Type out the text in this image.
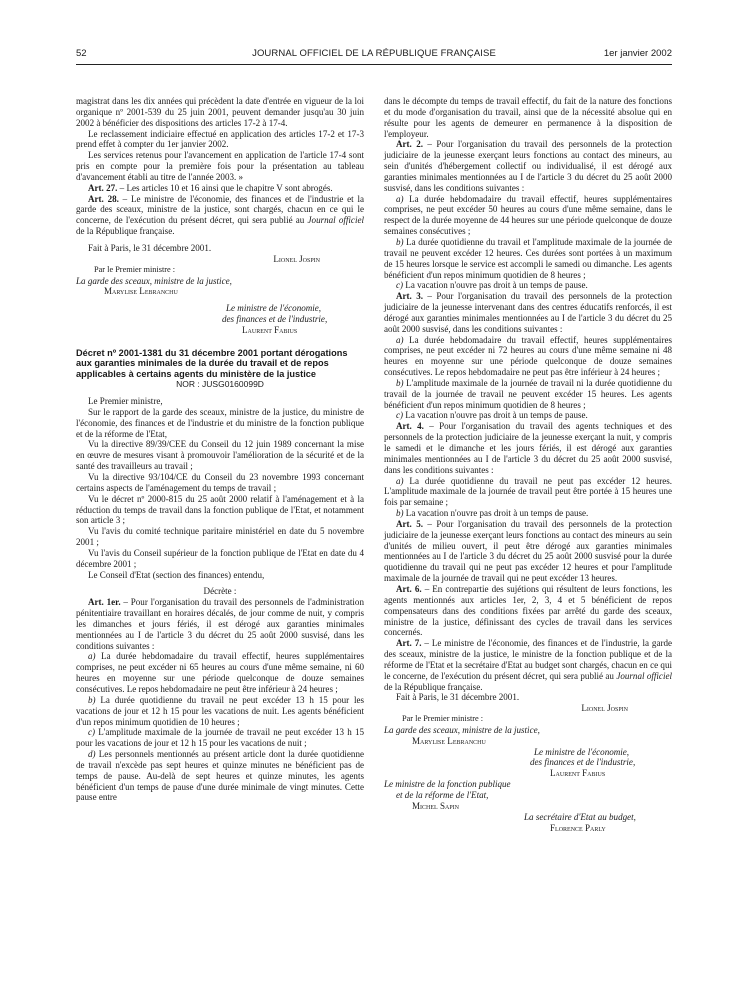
52	JOURNAL OFFICIEL DE LA RÉPUBLIQUE FRANÇAISE	1er janvier 2002

magistrat dans les dix années qui précèdent la date d'entrée en vigueur de la loi organique nº 2001-539 du 25 juin 2001, peuvent demander jusqu'au 30 juin 2002 à bénéficier des dispositions des articles 17-2 à 17-4.

Le reclassement indiciaire effectué en application des articles 17-2 et 17-3 prend effet à compter du 1er janvier 2002.

Les services retenus pour l'avancement en application de l'article 17-4 sont pris en compte pour la première fois pour la présentation au tableau d'avancement établi au titre de l'année 2003. »

Art. 27. – Les articles 10 et 16 ainsi que le chapitre V sont abrogés.

Art. 28. – Le ministre de l'économie, des finances et de l'industrie et la garde des sceaux, ministre de la justice, sont chargés, chacun en ce qui le concerne, de l'exécution du présent décret, qui sera publié au Journal officiel de la République française.

Fait à Paris, le 31 décembre 2001.

Lionel Jospin

Par le Premier ministre :

La garde des sceaux, ministre de la justice,

Marylise Lebranchu

Le ministre de l'économie,

des finances et de l'industrie,

Laurent Fabius

Décret nº 2001-1381 du 31 décembre 2001 portant dérogations aux garanties minimales de la durée du travail et de repos applicables à certains agents du ministère de la justice

NOR : JUSG0160099D

Le Premier ministre,

Sur le rapport de la garde des sceaux, ministre de la justice, du ministre de l'économie, des finances et de l'industrie et du ministre de la fonction publique et de la réforme de l'Etat,

Vu la directive 89/39/CEE du Conseil du 12 juin 1989 concernant la mise en œuvre de mesures visant à promouvoir l'amélioration de la sécurité et de la santé des travailleurs au travail ;

Vu la directive 93/104/CE du Conseil du 23 novembre 1993 concernant certains aspects de l'aménagement du temps de travail ;

Vu le décret nº 2000-815 du 25 août 2000 relatif à l'aménagement et à la réduction du temps de travail dans la fonction publique de l'Etat, et notamment son article 3 ;

Vu l'avis du comité technique paritaire ministériel en date du 5 novembre 2001 ;

Vu l'avis du Conseil supérieur de la fonction publique de l'Etat en date du 4 décembre 2001 ;

Le Conseil d'Etat (section des finances) entendu,

Décrète :

Art. 1er. – Pour l'organisation du travail des personnels de l'administration pénitentiaire travaillant en horaires décalés, de jour comme de nuit, y compris les dimanches et jours fériés, il est dérogé aux garanties minimales mentionnées au I de l'article 3 du décret du 25 août 2000 susvisé, dans les conditions suivantes :

a) La durée hebdomadaire du travail effectif, heures supplémentaires comprises, ne peut excéder ni 65 heures au cours d'une même semaine, ni 60 heures en moyenne sur une période quelconque de douze semaines consécutives. Le repos hebdomadaire ne peut être inférieur à 24 heures ;

b) La durée quotidienne du travail ne peut excéder 13 h 15 pour les vacations de jour et 12 h 15 pour les vacations de nuit. Les agents bénéficient d'un repos minimum quotidien de 10 heures ;

c) L'amplitude maximale de la journée de travail ne peut excéder 13 h 15 pour les vacations de jour et 12 h 15 pour les vacations de nuit ;

d) Les personnels mentionnés au présent article dont la durée quotidienne de travail n'excède pas sept heures et quinze minutes ne bénéficient pas de temps de pause. Au-delà de sept heures et quinze minutes, les agents bénéficient d'un temps de pause d'une durée minimale de vingt minutes. Cette pause entre

dans le décompte du temps de travail effectif, du fait de la nature des fonctions et du mode d'organisation du travail, ainsi que de la nécessité absolue qui en résulte pour les agents de demeurer en permanence à la disposition de l'employeur.

Art. 2. – Pour l'organisation du travail des personnels de la protection judiciaire de la jeunesse exerçant leurs fonctions au contact des mineurs, au sein d'unités d'hébergement collectif ou individualisé, il est dérogé aux garanties minimales mentionnées au I de l'article 3 du décret du 25 août 2000 susvisé, dans les conditions suivantes :

a) La durée hebdomadaire du travail effectif, heures supplémentaires comprises, ne peut excéder 50 heures au cours d'une même semaine, dans le respect de la durée moyenne de 44 heures sur une période quelconque de douze semaines consécutives ;

b) La durée quotidienne du travail et l'amplitude maximale de la journée de travail ne peuvent excéder 12 heures. Ces durées sont portées à un maximum de 15 heures lorsque le service est accompli le samedi ou dimanche. Les agents bénéficient d'un repos minimum quotidien de 8 heures ;

c) La vacation n'ouvre pas droit à un temps de pause.

Art. 3. – Pour l'organisation du travail des personnels de la protection judiciaire de la jeunesse intervenant dans des centres éducatifs renforcés, il est dérogé aux garanties minimales mentionnées au I de l'article 3 du décret du 25 août 2000 susvisé, dans les conditions suivantes :

a) La durée hebdomadaire du travail effectif, heures supplémentaires comprises, ne peut excéder ni 72 heures au cours d'une même semaine ni 48 heures en moyenne sur une période quelconque de douze semaines consécutives. Le repos hebdomadaire ne peut pas être inférieur à 24 heures ;

b) L'amplitude maximale de la journée de travail ni la durée quotidienne du travail de la journée de travail ne peuvent excéder 15 heures. Les agents bénéficient d'un repos minimum quotidien de 8 heures ;

c) La vacation n'ouvre pas droit à un temps de pause.

Art. 4. – Pour l'organisation du travail des agents techniques et des personnels de la protection judiciaire de la jeunesse exerçant la nuit, y compris le samedi et le dimanche et les jours fériés, il est dérogé aux garanties minimales mentionnées au I de l'article 3 du décret du 25 août 2000 susvisé, dans les conditions suivantes :

a) La durée quotidienne du travail ne peut pas excéder 12 heures. L'amplitude maximale de la journée de travail peut être portée à 15 heures une fois par semaine ;

b) La vacation n'ouvre pas droit à un temps de pause.

Art. 5. – Pour l'organisation du travail des personnels de la protection judiciaire de la jeunesse exerçant leurs fonctions au contact des mineurs au sein d'unités de milieu ouvert, il peut être dérogé aux garanties minimales mentionnées au I de l'article 3 du décret du 25 août 2000 susvisé pour la durée quotidienne du travail qui ne peut pas excéder 12 heures et pour l'amplitude maximale de la journée de travail qui ne peut excéder 13 heures.

Art. 6. – En contrepartie des sujétions qui résultent de leurs fonctions, les agents mentionnés aux articles 1er, 2, 3, 4 et 5 bénéficient de repos compensateurs dans des conditions fixées par arrêté du garde des sceaux, ministre de la justice, définissant des cycles de travail dans les services concernés.

Art. 7. – Le ministre de l'économie, des finances et de l'industrie, la garde des sceaux, ministre de la justice, le ministre de la fonction publique et de la réforme de l'Etat et la secrétaire d'Etat au budget sont chargés, chacun en ce qui le concerne, de l'exécution du présent décret, qui sera publié au Journal officiel de la République française.

Fait à Paris, le 31 décembre 2001.

Lionel Jospin

Par le Premier ministre :

La garde des sceaux, ministre de la justice,

Marylise Lebranchu

Le ministre de l'économie,

des finances et de l'industrie,

Laurent Fabius

Le ministre de la fonction publique

et de la réforme de l'Etat,

Michel Sapin

La secrétaire d'Etat au budget,

Florence Parly
